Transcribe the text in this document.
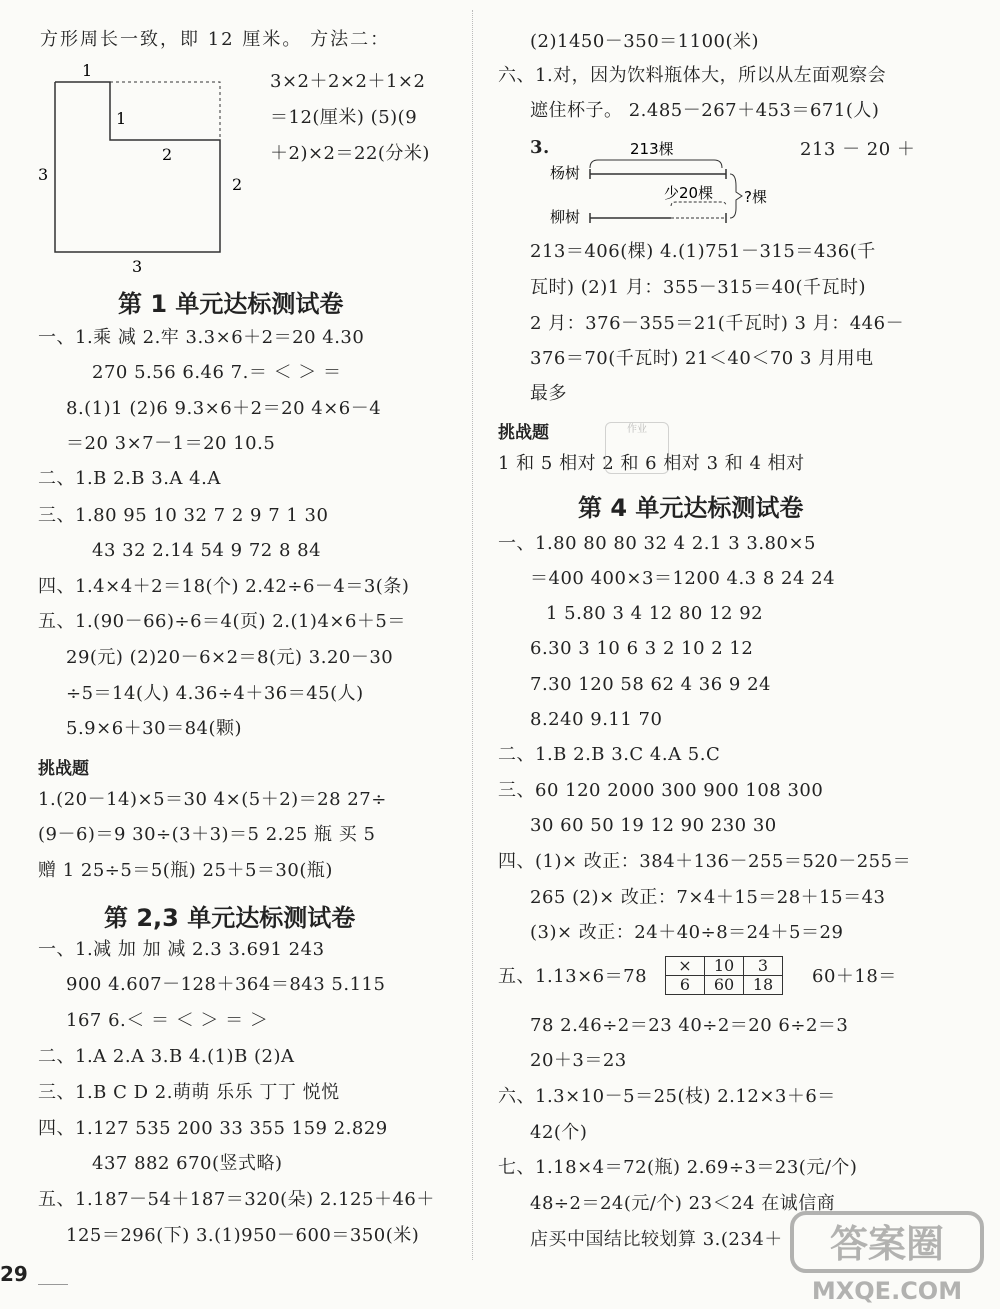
方形周长一致，即 12 厘米。 方法二：
1
1
2
3
2
3
3×2＋2×2＋1×2
＝12(厘米) (5)(9
＋2)×2＝22(分米)
第 1 单元达标测试卷
一、1.乘 减 2.牢 3.3×6＋2＝20 4.30
270 5.56 6.46 7.＝ ＜ ＞ ＝
8.(1)1 (2)6 9.3×6＋2＝20 4×6－4
＝20 3×7－1＝20 10.5
二、1.B 2.B 3.A 4.A
三、1.80 95 10 32 7 2 9 7 1 30
43 32 2.14 54 9 72 8 84
四、1.4×4＋2＝18(个) 2.42÷6－4＝3(条)
五、1.(90－66)÷6＝4(页) 2.(1)4×6＋5＝
29(元) (2)20－6×2＝8(元) 3.20－30
÷5＝14(人) 4.36÷4＋36＝45(人)
5.9×6＋30＝84(颗)
挑战题
1.(20－14)×5＝30 4×(5＋2)＝28 27÷
(9－6)＝9 30÷(3＋3)＝5 2.25 瓶 买 5
赠 1 25÷5＝5(瓶) 25＋5＝30(瓶)
第 2,3 单元达标测试卷
一、1.减 加 加 减 2.3 3.691 243
900 4.607－128＋364＝843 5.115
167 6.＜ ＝ ＜ ＞ ＝ ＞
二、1.A 2.A 3.B 4.(1)B (2)A
三、1.B C D 2.萌萌 乐乐 丁丁 悦悦
四、1.127 535 200 33 355 159 2.829
437 882 670(竖式略)
五、1.187－54＋187＝320(朵) 2.125＋46＋
125＝296(下) 3.(1)950－600＝350(米)
(2)1450－350＝1100(米)
六、1.对，因为饮料瓶体大，所以从左面观察会
遮住杯子。 2.485－267＋453＝671(人)
3.	213 － 20 ＋
213棵
杨树
少20棵
柳树
?棵
213＝406(棵) 4.(1)751－315＝436(千
瓦时) (2)1 月：355－315＝40(千瓦时)
2 月：376－355＝21(千瓦时) 3 月：446－
376＝70(千瓦时) 21＜40＜70 3 月用电
最多
挑战题
1 和 5 相对 2 和 6 相对 3 和 4 相对
第 4 单元达标测试卷
一、1.80 80 80 32 4 2.1 3 3.80×5
＝400 400×3＝1200 4.3 8 24 24
1 5.80 3 4 12 80 12 92
6.30 3 10 6 3 2 10 2 12
7.30 120 58 62 4 36 9 24
8.240 9.11 70
二、1.B 2.B 3.C 4.A 5.C
三、60 120 2000 300 900 108 300
30 60 50 19 12 90 230 30
四、(1)× 改正：384＋136－255＝520－255＝
265 (2)× 改正：7×4＋15＝28＋15＝43
(3)× 改正：24＋40÷8＝24＋5＝29
五、1.13×6＝78	60＋18＝
78 2.46÷2＝23 40÷2＝20 6÷2＝3
20＋3＝23
六、1.3×10－5＝25(枝) 2.12×3＋6＝
42(个)
七、1.18×4＝72(瓶) 2.69÷3＝23(元/个)
48÷2＝24(元/个) 23＜24 在诚信商
店买中国结比较划算 3.(234＋
作业
×	10	3
6	60	18
29
答案圈
MXQE.COM
